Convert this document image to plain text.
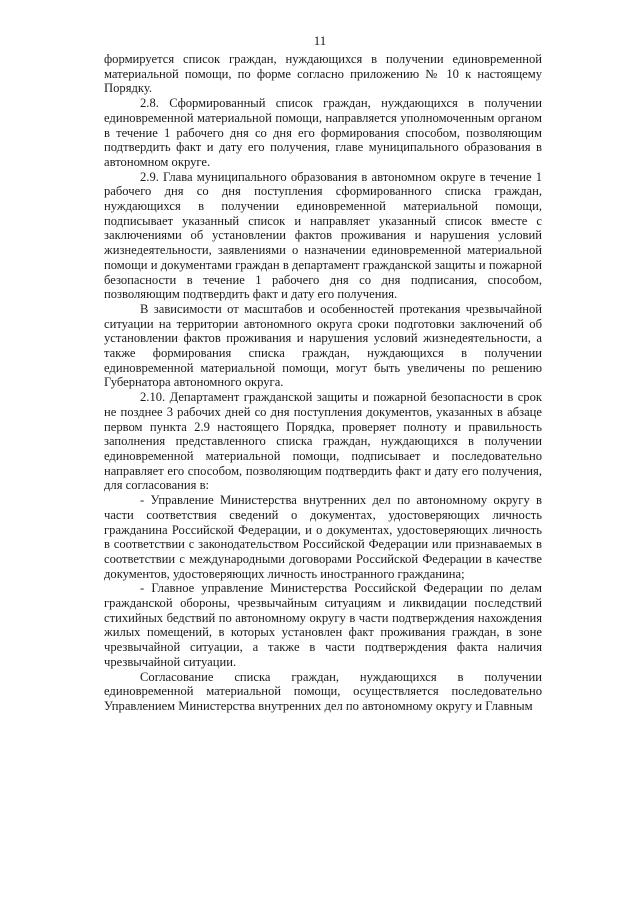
11

формируется список граждан, нуждающихся в получении единовременной материальной помощи, по форме согласно приложению № 10 к настоящему Порядку.

2.8. Сформированный список граждан, нуждающихся в получении единовременной материальной помощи, направляется уполномоченным органом в течение 1 рабочего дня со дня его формирования способом, позволяющим подтвердить факт и дату его получения, главе муниципального образования в автономном округе.

2.9. Глава муниципального образования в автономном округе в течение 1 рабочего дня со дня поступления сформированного списка граждан, нуждающихся в получении единовременной материальной помощи, подписывает указанный список и направляет указанный список вместе с заключениями об установлении фактов проживания и нарушения условий жизнедеятельности, заявлениями о назначении единовременной материальной помощи и документами граждан в департамент гражданской защиты и пожарной безопасности в течение 1 рабочего дня со дня подписания, способом, позволяющим подтвердить факт и дату его получения.

В зависимости от масштабов и особенностей протекания чрезвычайной ситуации на территории автономного округа сроки подготовки заключений об установлении фактов проживания и нарушения условий жизнедеятельности, а также формирования списка граждан, нуждающихся в получении единовременной материальной помощи, могут быть увеличены по решению Губернатора автономного округа.

2.10. Департамент гражданской защиты и пожарной безопасности в срок не позднее 3 рабочих дней со дня поступления документов, указанных в абзаце первом пункта 2.9 настоящего Порядка, проверяет полноту и правильность заполнения представленного списка граждан, нуждающихся в получении единовременной материальной помощи, подписывает и последовательно направляет его способом, позволяющим подтвердить факт и дату его получения, для согласования в:

- Управление Министерства внутренних дел по автономному округу в части соответствия сведений о документах, удостоверяющих личность гражданина Российской Федерации, и о документах, удостоверяющих личность в соответствии с законодательством Российской Федерации или признаваемых в соответствии с международными договорами Российской Федерации в качестве документов, удостоверяющих личность иностранного гражданина;

- Главное управление Министерства Российской Федерации по делам гражданской обороны, чрезвычайным ситуациям и ликвидации последствий стихийных бедствий по автономному округу в части подтверждения нахождения жилых помещений, в которых установлен факт проживания граждан, в зоне чрезвычайной ситуации, а также в части подтверждения факта наличия чрезвычайной ситуации.

Согласование списка граждан, нуждающихся в получении единовременной материальной помощи, осуществляется последовательно Управлением Министерства внутренних дел по автономному округу и Главным
